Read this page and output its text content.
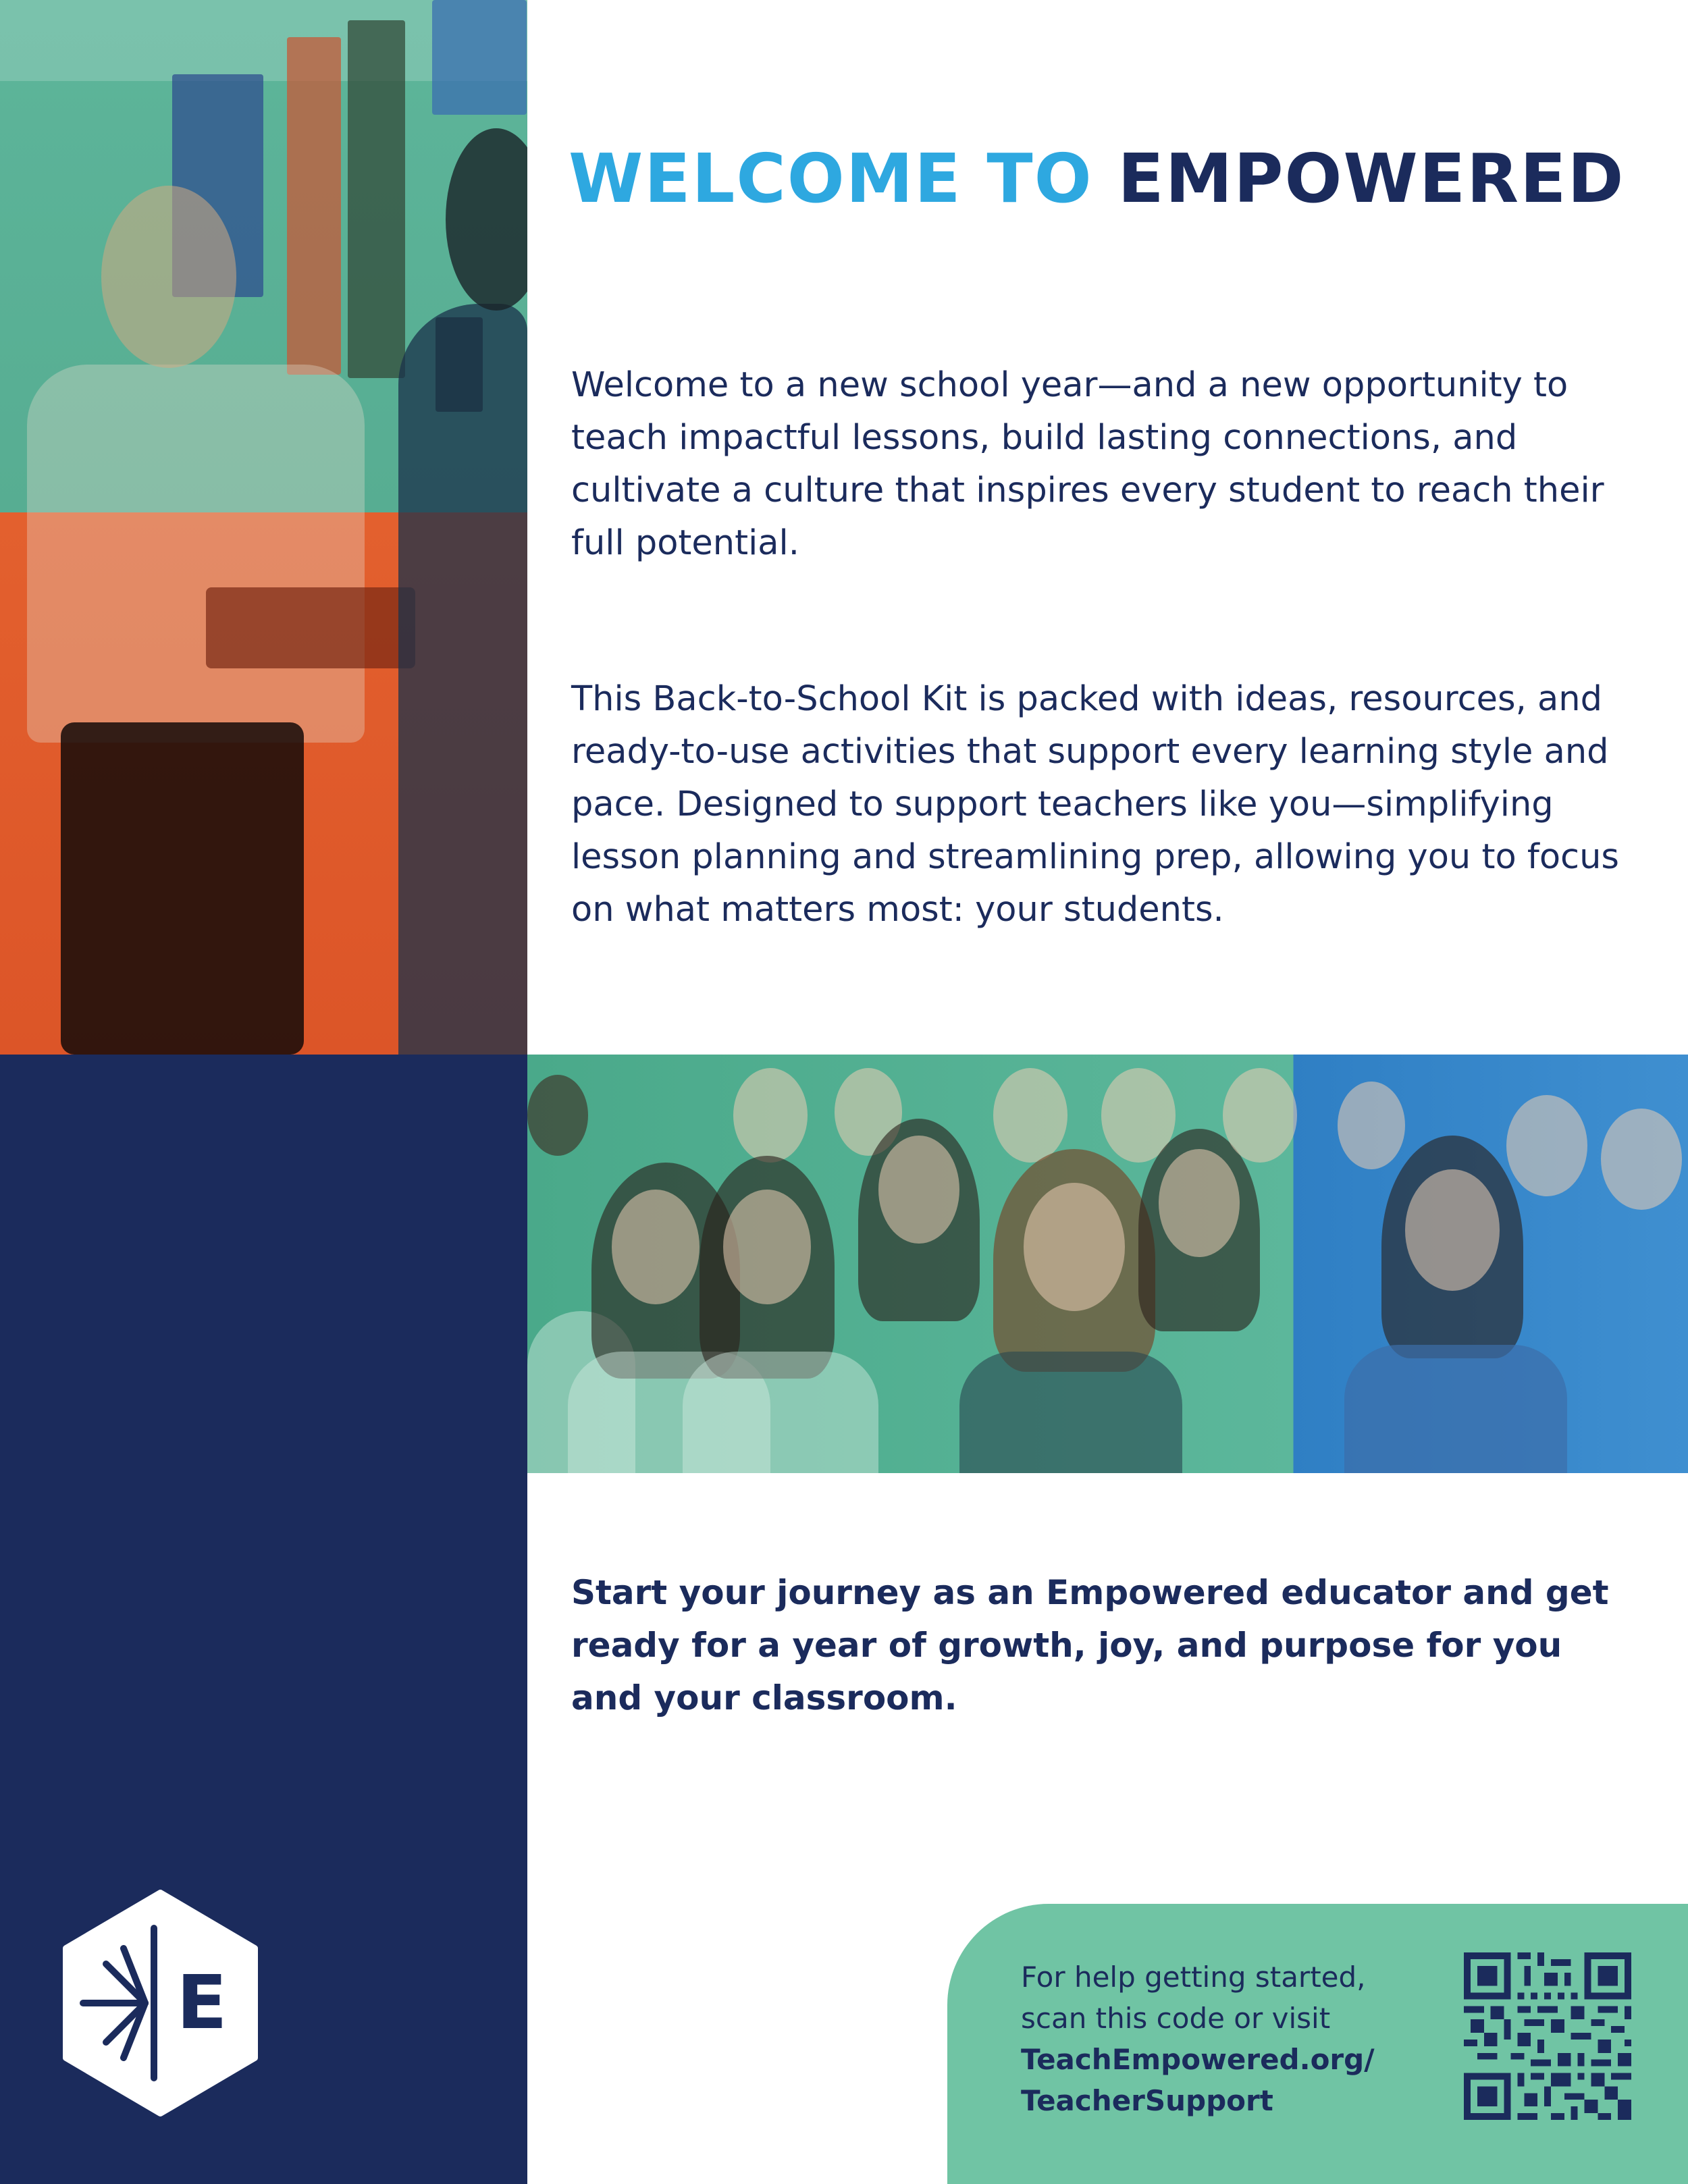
E
WELCOME TO EMPOWERED

Welcome to a new school year—and a new opportunity to teach impactful lessons, build lasting connections, and cultivate a culture that inspires every student to reach their full potential.

This Back-to-School Kit is packed with ideas, resources, and ready-to-use activities that support every learning style and pace. Designed to support teachers like you—simplifying lesson planning and streamlining prep, allowing you to focus on what matters most: your students.

Start your journey as an Empowered educator and get ready for a year of growth, joy, and purpose for you and your classroom.

For help getting started,
scan this code or visit
TeachEmpowered.org/
TeacherSupport
